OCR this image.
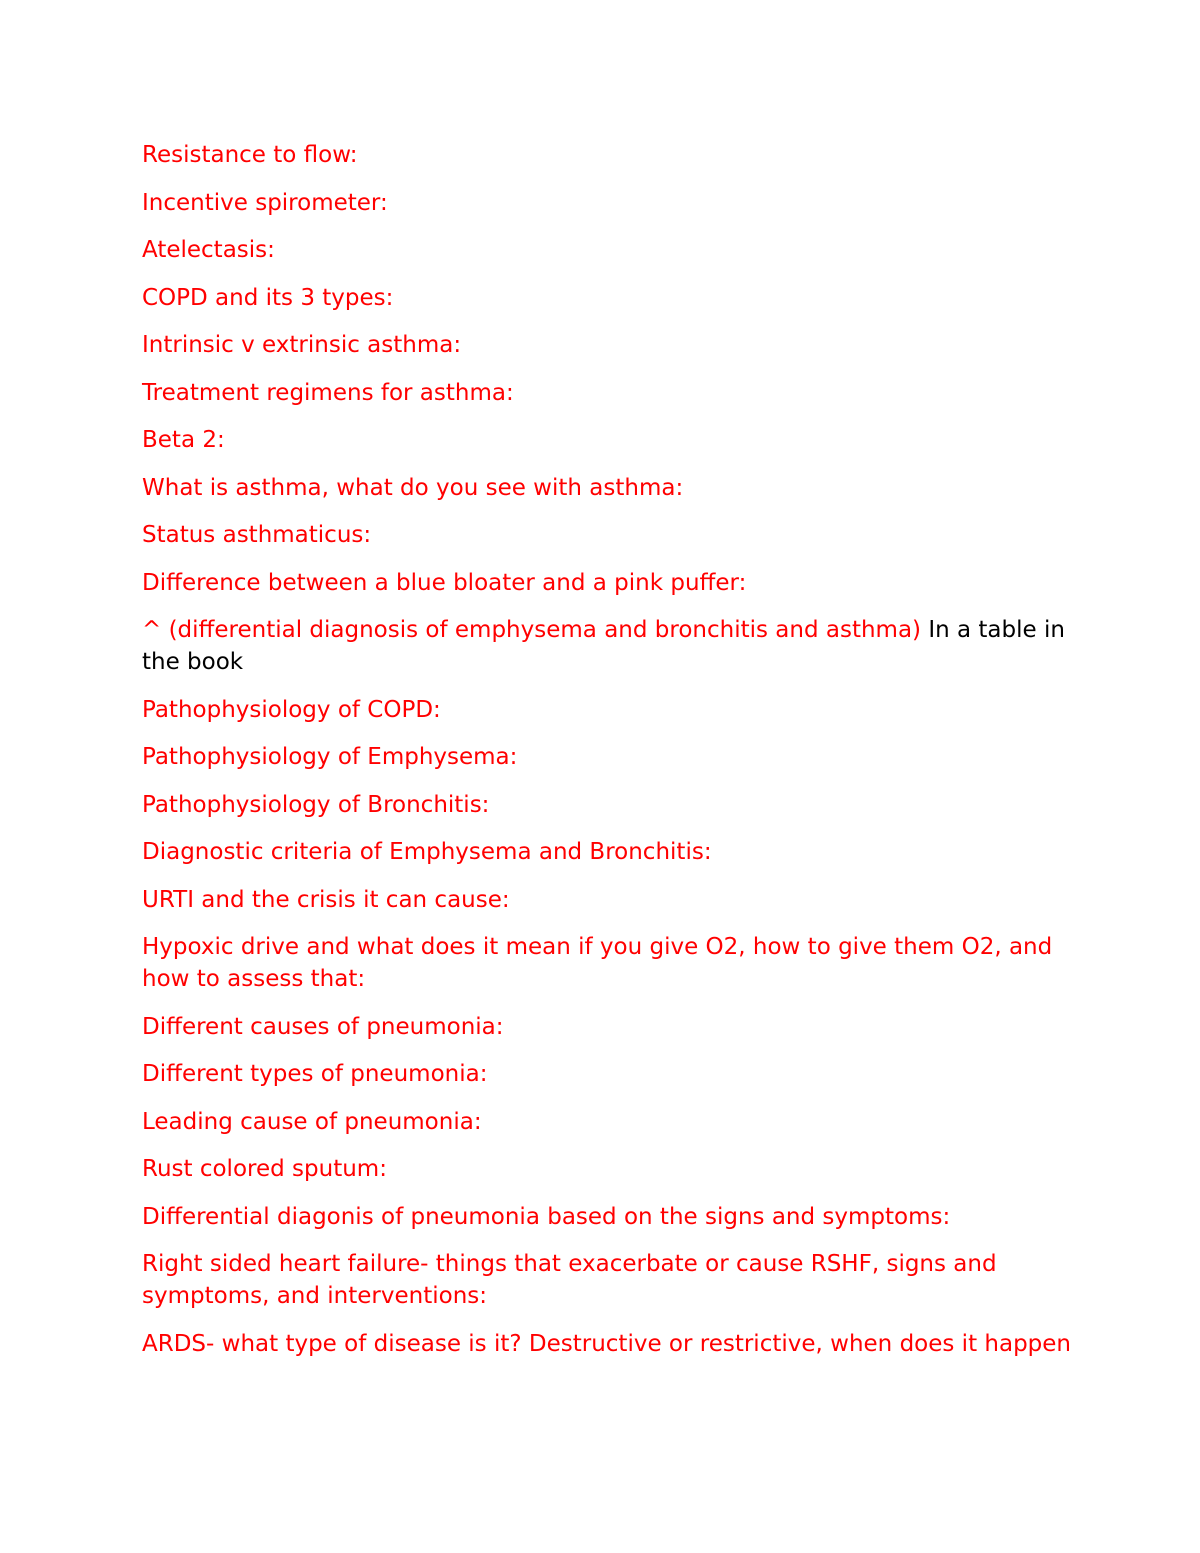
Resistance to flow:

Incentive spirometer:

Atelectasis:

COPD and its 3 types:

Intrinsic v extrinsic asthma:

Treatment regimens for asthma:

Beta 2:

What is asthma, what do you see with asthma:

Status asthmaticus:

Difference between a blue bloater and a pink puffer:

^ (differential diagnosis of emphysema and bronchitis and asthma) In a table in the book

Pathophysiology of COPD:

Pathophysiology of Emphysema:

Pathophysiology of Bronchitis:

Diagnostic criteria of Emphysema and Bronchitis:

URTI and the crisis it can cause:

Hypoxic drive and what does it mean if you give O2, how to give them O2, and how to assess that:

Different causes of pneumonia:

Different types of pneumonia:

Leading cause of pneumonia:

Rust colored sputum:

Differential diagonis of pneumonia based on the signs and symptoms:

Right sided heart failure- things that exacerbate or cause RSHF, signs and symptoms, and interventions:

ARDS- what type of disease is it? Destructive or restrictive, when does it happen
